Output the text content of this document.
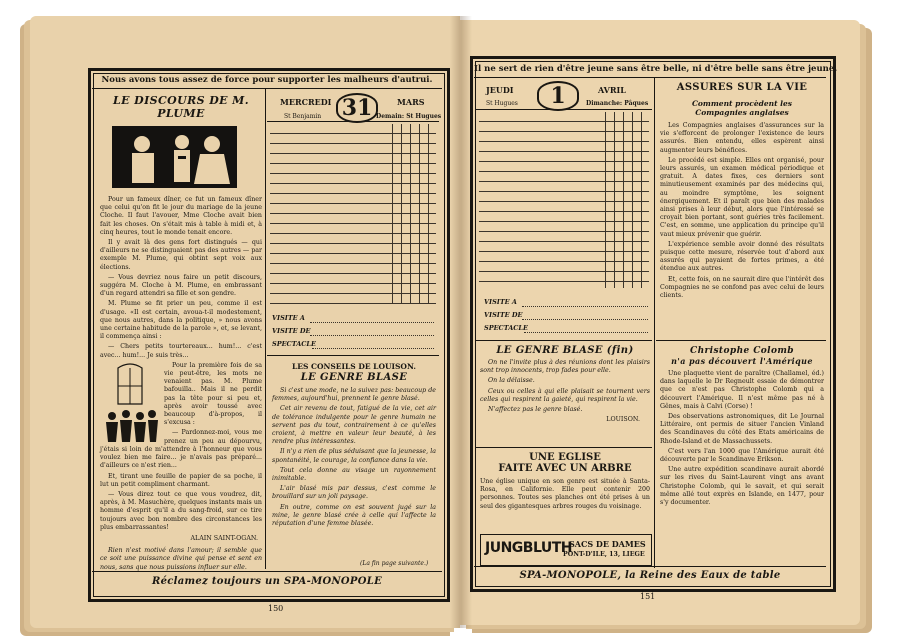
Nous avons tous assez de force pour supporter les malheurs d'autrui.
LE DISCOURS DE M. PLUME

Pour un fameux dîner, ce fut un fameux dîner que celui qu'on fit le jour du mariage de la jeune Cloche. Il faut l'avouer, Mme Cloche avait bien fait les choses. On s'était mis à table à midi et, à cinq heures, tout le monde tenait encore.

Il y avait là des gens fort distingués — qui d'ailleurs ne se distinguaient pas des autres — par exemple M. Plume, qui obtint sept voix aux élections.

— Vous devriez nous faire un petit discours, suggéra M. Cloche à M. Plume, en embrassant d'un regard attendri sa fille et son gendre.

M. Plume se fit prier un peu, comme il est d'usage. «Il est certain, avoua-t-il modestement, que nous autres, dans la politique, » nous avons une certaine habitude de la parole », et, se levant, il commença ainsi :

— Chers petits tourtereaux... hum!... c'est avec... hum!... Je suis très...

Pour la première fois de sa vie peut-être, les mots ne venaient pas. M. Plume bafouilla.. Mais il ne perdit pas la tête pour si peu et, après avoir toussé avec beaucoup d'à-propos, il s'excusa :

— Pardonnez-moi, vous me prenez un peu au dépourvu, j'étais si loin de m'attendre à l'honneur que vous voulez bien me faire... je n'avais pas préparé... d'ailleurs ce n'est rien...

Et, tirant une feuille de papier de sa poche, il lut un petit compliment charmant.

— Vous direz tout ce que vous voudrez, dit, après, à M. Masuchère, quelques instants mais un homme d'esprit qu'il a du sang-froid, sur ce tire toujours avec bon nombre des circonstances les plus embarrassantes!

ALAIN SAINT-OGAN.

Rien n'est motivé dans l'amour; il semble que ce soit une puissance divine qui pense et sent en nous, sans que nous puissions influer sur elle.

MERCREDI 31	MARS
St Benjamin	Demain: St Hugues
VISITE A
VISITE DE
SPECTACLE
LES CONSEILS DE LOUISON.
LE GENRE BLASE

Si c'est une mode, ne la suivez pas: beaucoup de femmes, aujourd'hui, prennent le genre blasé.

Cet air revenu de tout, fatigué de la vie, cet air de tolérance indulgente pour le genre humain ne servent pas du tout, contrairement à ce qu'elles croient, à mettre en valeur leur beauté, à les rendre plus intéressantes.

Il n'y a rien de plus séduisant que la jeunesse, la spontanéité, le courage, la confiance dans la vie.

Tout cela donne au visage un rayonnement inimitable.

L'air blasé mis par dessus, c'est comme le brouillard sur un joli paysage.

En outre, comme on est souvent jugé sur la mine, le genre blasé crée à celle qui l'affecte la réputation d'une femme blasée.

(La fin page suivante.)
Réclamez toujours un SPA-MONOPOLE
150
Il ne sert de rien d'être jeune sans être belle, ni d'être belle sans être jeune.
JEUDI	1	AVRIL
St Hugues	Dimanche: Pâques
VISITE A
VISITE DE
SPECTACLE
LE GENRE BLASE (fin)

On ne l'invite plus à des réunions dont les plaisirs sont trop innocents, trop fades pour elle.

On la délaisse.

Ceux ou celles à qui elle plaisait se tournent vers celles qui respirent la gaieté, qui respirent la vie.

N'affectez pas le genre blasé.

LOUISON.
UNE EGLISE
FAITE AVEC UN ARBRE
Une église unique en son genre est située à Santa-Rosa, en Californie. Elle peut contenir 200 personnes. Toutes ses planches ont été prises à un seul des gigantesques arbres rouges du voisinage.
JUNGBLUTH
SACS DE DAMES
PONT-D'ILE, 13, LIEGE
ASSURES SUR LA VIE
Comment procèdent les Compagnies anglaises

Les Compagnies anglaises d'assurances sur la vie s'efforcent de prolonger l'existence de leurs assurés. Bien entendu, elles espèrent ainsi augmenter leurs bénéfices.

Le procédé est simple. Elles ont organisé, pour leurs assurés, un examen médical périodique et gratuit. A dates fixes, ces derniers sont minutieusement examinés par des médecins qui, au moindre symptôme, les soignent énergiquement. Et il paraît que bien des malades ainsi prises à leur début, alors que l'intéressé se croyait bien portant, sont guéries très facilement. C'est, en somme, une application du principe qu'il vaut mieux prévenir que guérir.

L'expérience semble avoir donné des résultats puisque cette mesure, réservée tout d'abord aux assurés qui payaient de fortes primes, a été étendue aux autres.

Et, cette fois, on ne saurait dire que l'intérêt des Compagnies ne se confond pas avec celui de leurs clients.

Christophe Colomb
n'a pas découvert l'Amérique

Une plaquette vient de paraître (Challamel, éd.) dans laquelle le Dr Regneult essaie de démontrer que ce n'est pas Christophe Colomb qui a découvert l'Amérique. Il n'est même pas né à Gênes, mais à Calvi (Corse) !

Des observations astronomiques, dit Le Journal Littéraire, ont permis de situer l'ancien Vinland des Scandinaves du côté des Etats américains de Rhode-Island et de Massachussets.

C'est vers l'an 1000 que l'Amérique aurait été découverte par le Scandinave Erikson.

Une autre expédition scandinave aurait abordé sur les rives du Saint-Laurent vingt ans avant Christophe Colomb, qui le savait, et qui serait même allé tout exprès en Islande, en 1477, pour s'y documenter.

SPA-MONOPOLE, la Reine des Eaux de table
151
